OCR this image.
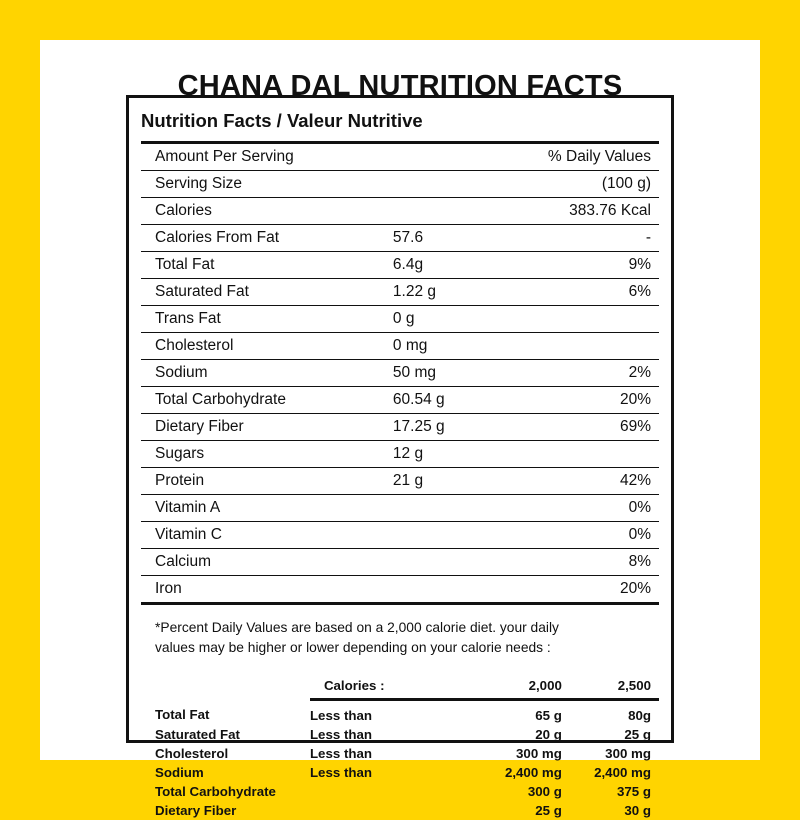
CHANA DAL NUTRITION FACTS
Nutrition Facts / Valeur Nutritive
Amount Per Serving		% Daily Values
Serving Size		(100 g)
Calories		383.76 Kcal
Calories From Fat	57.6	-
Total Fat	6.4g	9%
Saturated Fat	1.22 g	6%
Trans Fat	0 g	
Cholesterol	0 mg	
Sodium	50 mg	2%
Total Carbohydrate	60.54 g	20%
Dietary Fiber	17.25 g	69%
Sugars	12 g	
Protein	21 g	42%
Vitamin A		0%
Vitamin C		0%
Calcium		8%
Iron		20%
*Percent Daily Values are based on a 2,000 calorie diet. your daily
values may be higher or lower depending on your calorie needs :
	Calories :	2,000	2,500
Total Fat	Less than	65 g	80g
Saturated Fat	Less than	20 g	25 g
Cholesterol	Less than	300 mg	300 mg
Sodium	Less than	2,400 mg	2,400 mg
Total Carbohydrate		300 g	375 g
Dietary Fiber		25 g	30 g
